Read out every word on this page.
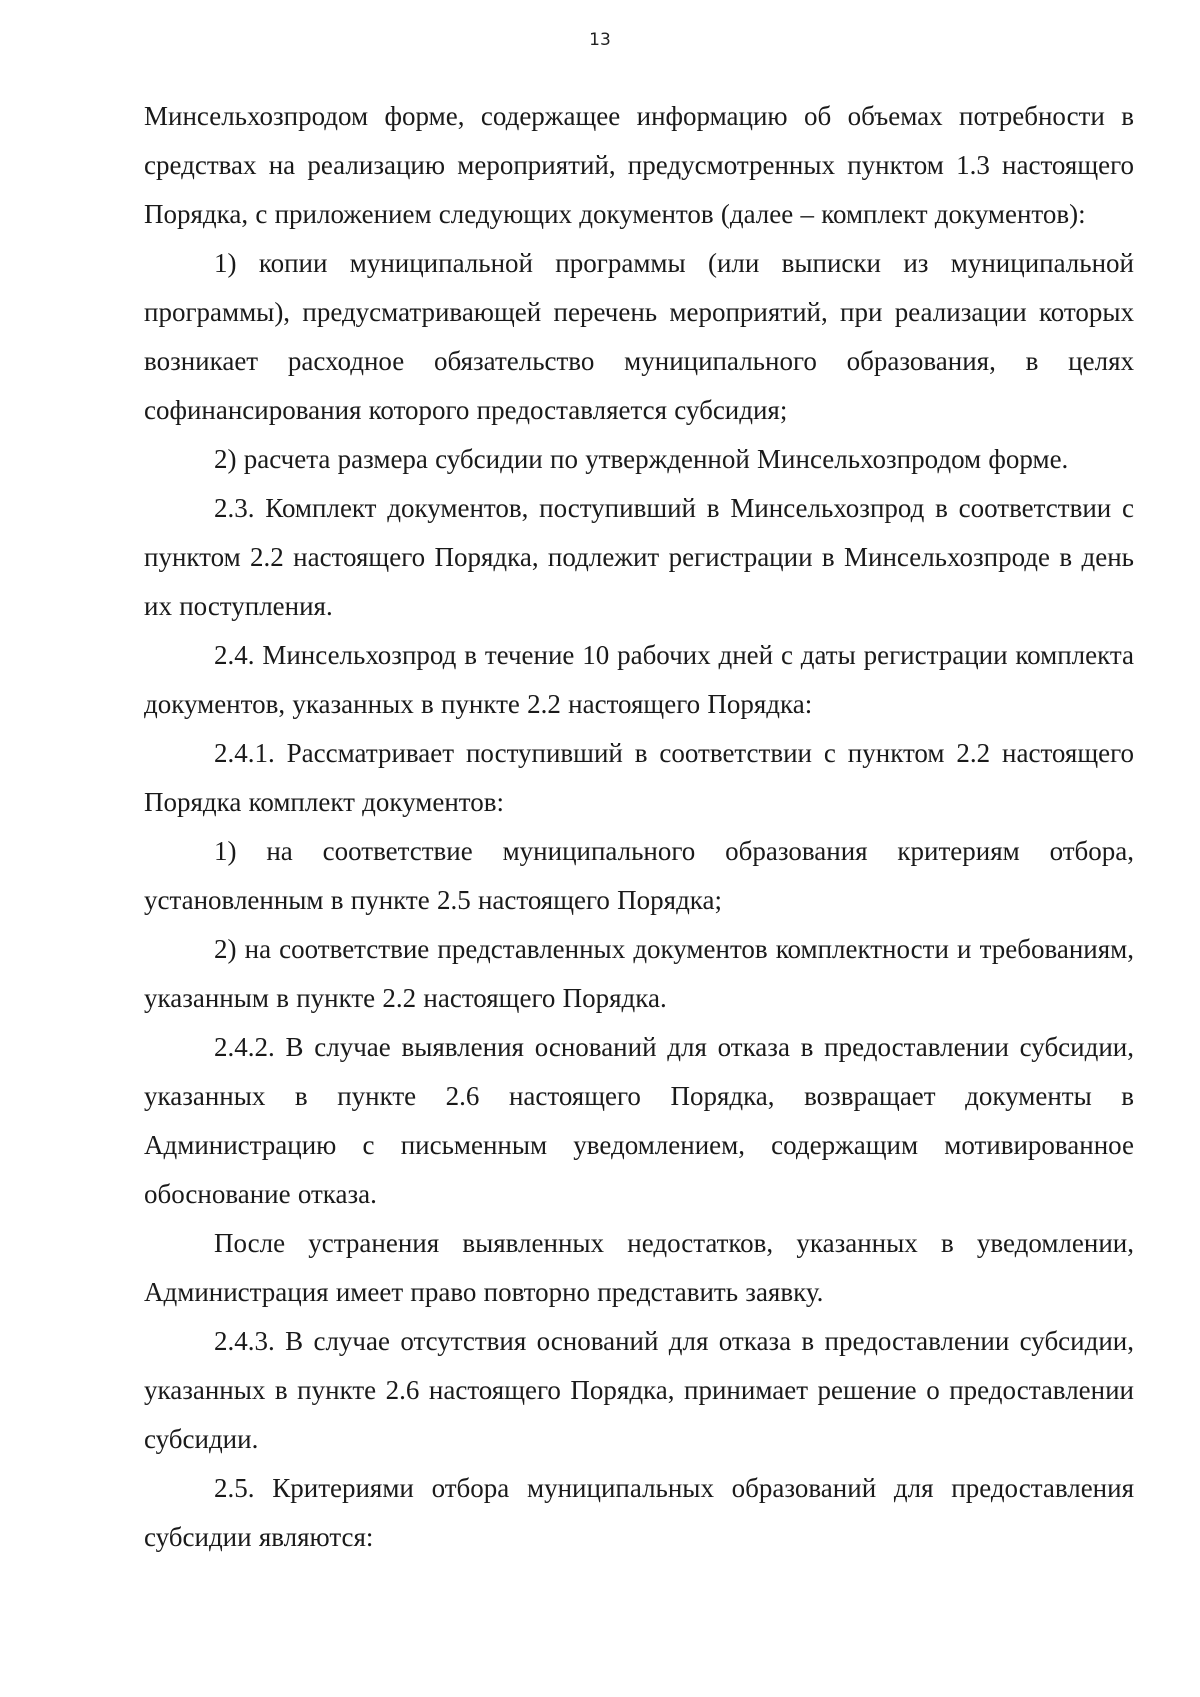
13

Минсельхозпродом форме, содержащее информацию об объемах потребности в средствах на реализацию мероприятий, предусмотренных пунктом 1.3 настоящего Порядка, с приложением следующих документов (далее – комплект документов):

1) копии муниципальной программы (или выписки из муниципальной программы), предусматривающей перечень мероприятий, при реализации которых возникает расходное обязательство муниципального образования, в целях софинансирования которого предоставляется субсидия;

2) расчета размера субсидии по утвержденной Минсельхозпродом форме.

2.3. Комплект документов, поступивший в Минсельхозпрод в соответствии с пунктом 2.2 настоящего Порядка, подлежит регистрации в Минсельхозпроде в день их поступления.

2.4. Минсельхозпрод в течение 10 рабочих дней с даты регистрации комплекта документов, указанных в пункте 2.2 настоящего Порядка:

2.4.1. Рассматривает поступивший в соответствии с пунктом 2.2 настоящего Порядка комплект документов:

1) на соответствие муниципального образования критериям отбора, установленным в пункте 2.5 настоящего Порядка;

2) на соответствие представленных документов комплектности и требованиям, указанным в пункте 2.2 настоящего Порядка.

2.4.2. В случае выявления оснований для отказа в предоставлении субсидии, указанных в пункте 2.6 настоящего Порядка, возвращает документы в Администрацию с письменным уведомлением, содержащим мотивированное обоснование отказа.

После устранения выявленных недостатков, указанных в уведомлении, Администрация имеет право повторно представить заявку.

2.4.3. В случае отсутствия оснований для отказа в предоставлении субсидии, указанных в пункте 2.6 настоящего Порядка, принимает решение о предоставлении субсидии.

2.5. Критериями отбора муниципальных образований для предоставления субсидии являются:
